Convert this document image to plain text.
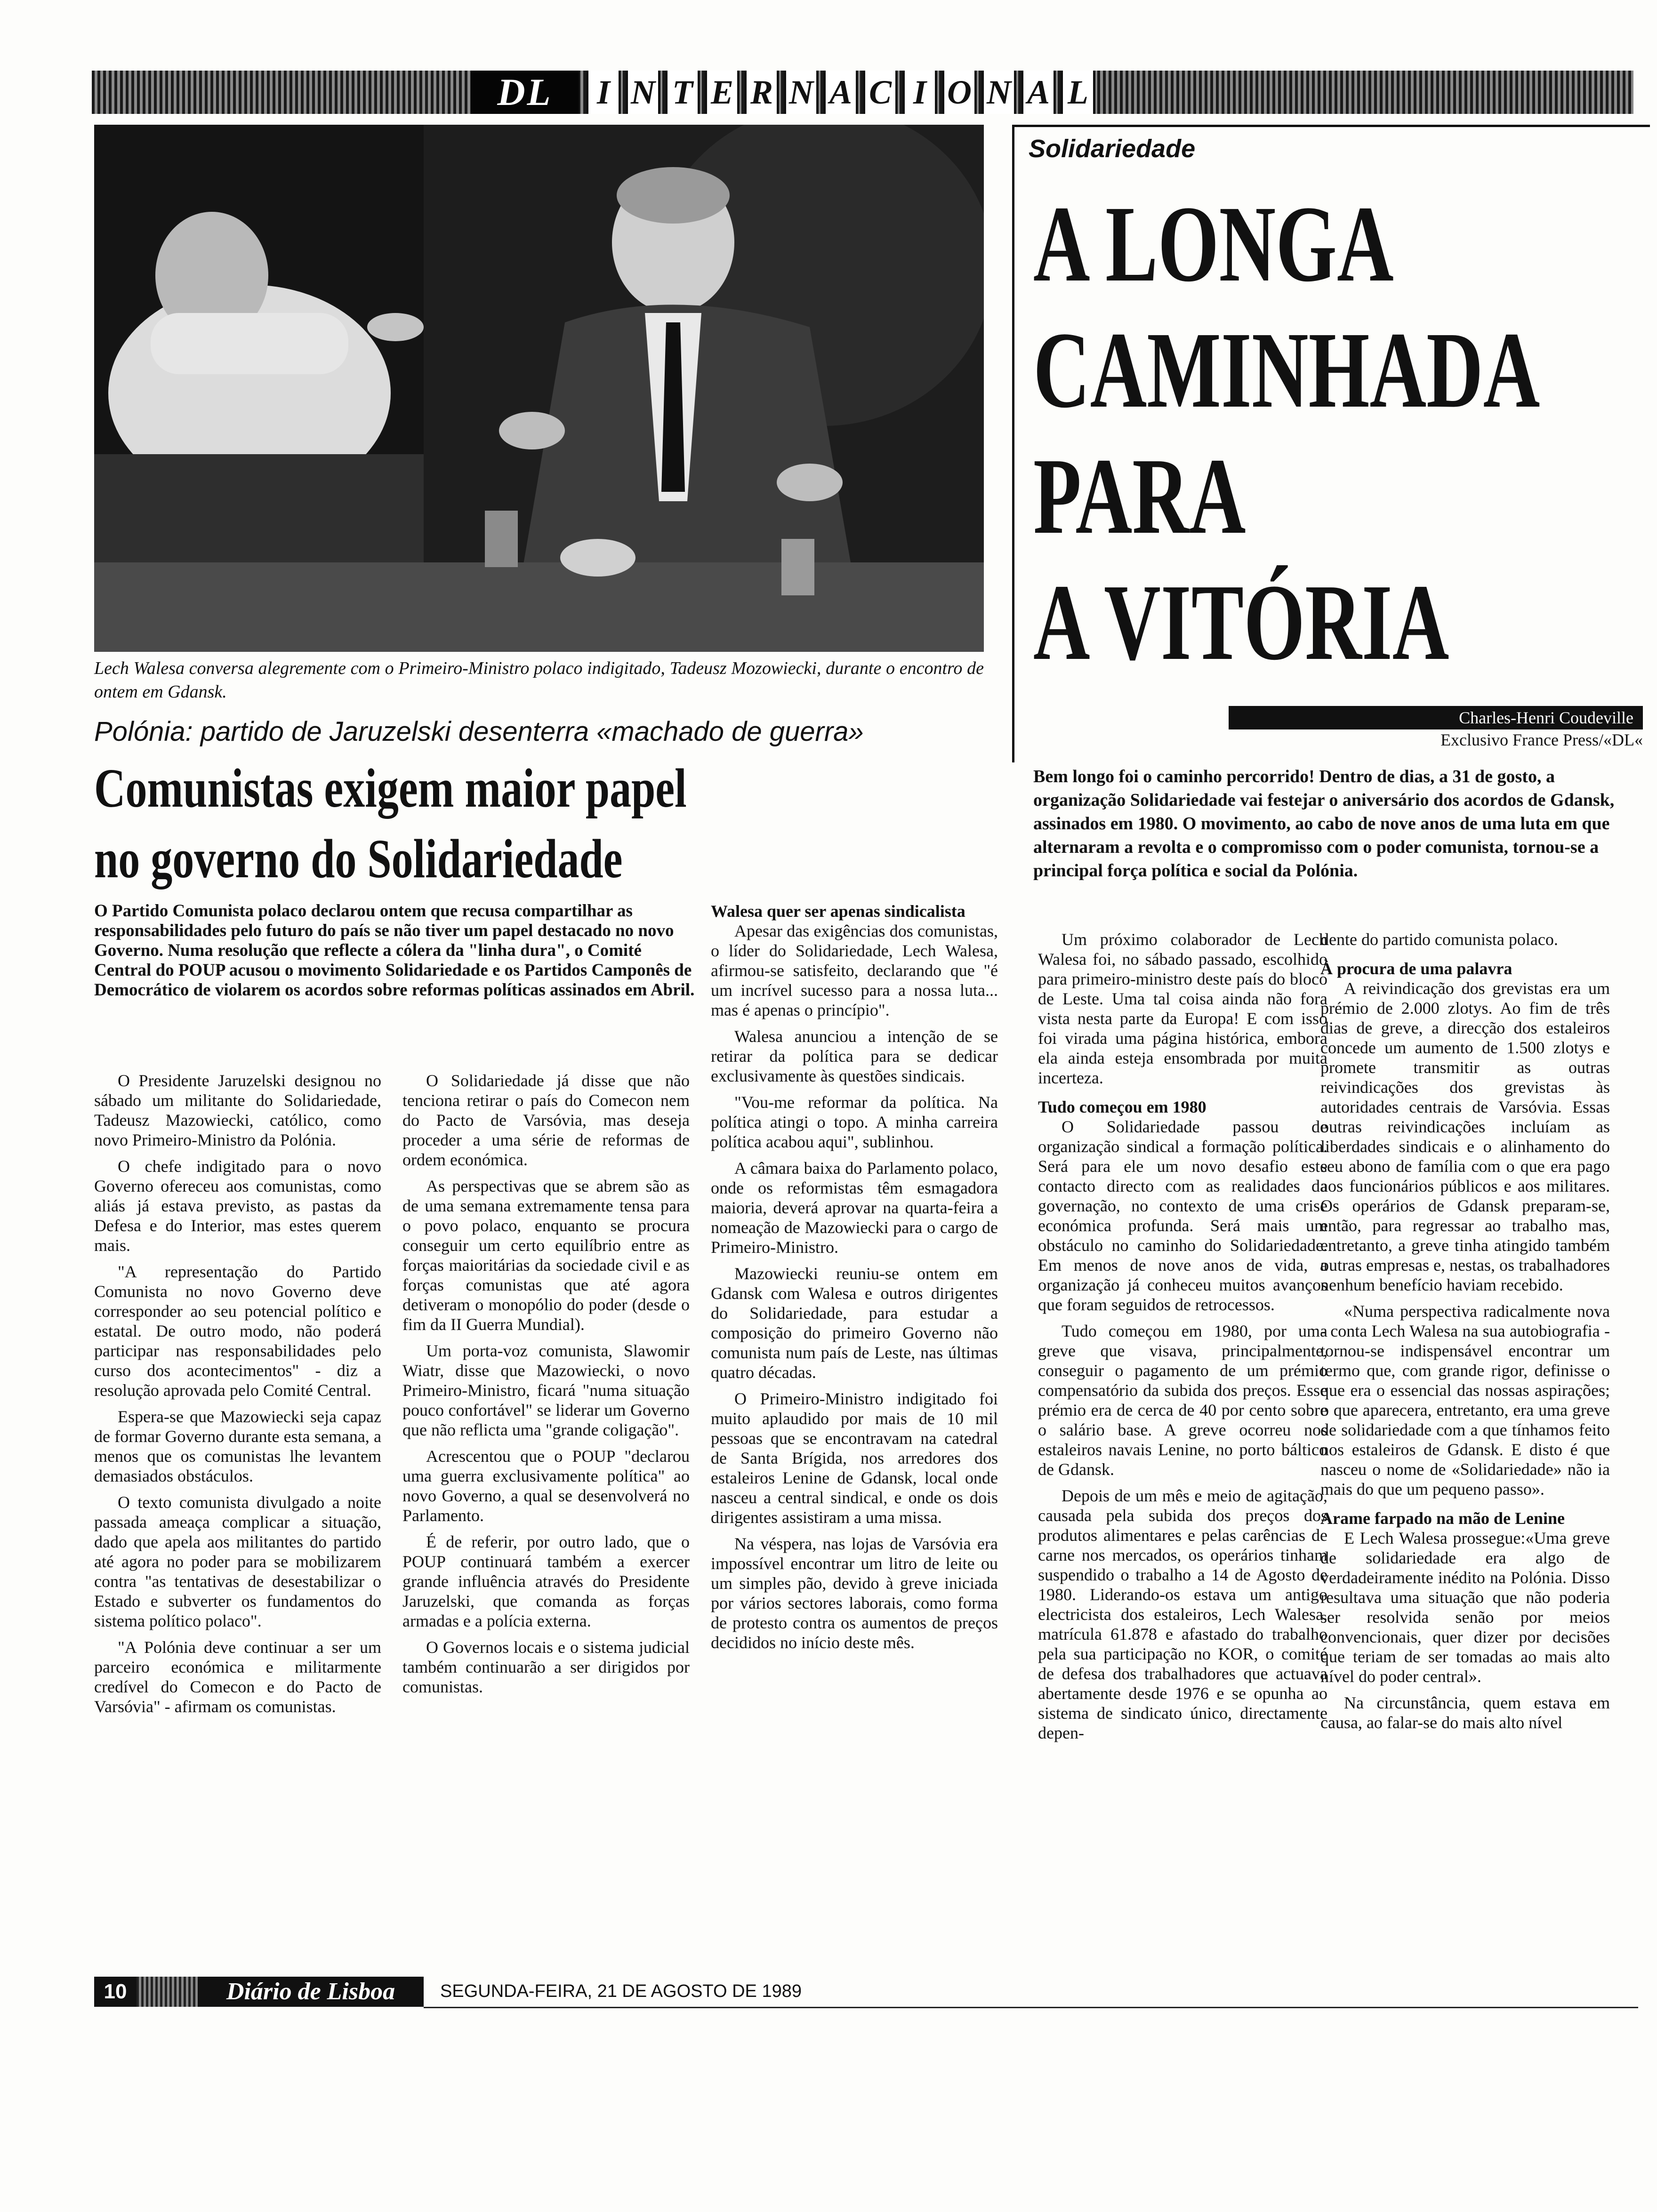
DL	I N T E R N A C I O N A L
Lech Walesa conversa alegremente com o Primeiro-Ministro polaco indigitado, Tadeusz Mozowiecki, durante o encontro de ontem em Gdansk.
Polónia: partido de Jaruzelski desenterra «machado de guerra»
Comunistas exigem maior papel
no governo do Solidariedade
O Partido Comunista polaco declarou ontem que recusa compartilhar as responsabilidades pelo futuro do país se não tiver um papel destacado no novo Governo. Numa resolução que reflecte a cólera da "linha dura", o Comité Central do POUP acusou o movimento Solidariedade e os Partidos Camponês de Democrático de violarem os acordos sobre reformas políticas assinados em Abril.

O Presidente Jaruzelski designou no sábado um militante do Solidariedade, Tadeusz Mazowiecki, católico, como novo Primeiro-Ministro da Polónia.

O chefe indigitado para o novo Governo ofereceu aos comunistas, como aliás já estava previsto, as pastas da Defesa e do Interior, mas estes querem mais.

"A representação do Partido Comunista no novo Governo deve corresponder ao seu potencial político e estatal. De outro modo, não poderá participar nas responsabilidades pelo curso dos acontecimentos" - diz a resolução aprovada pelo Comité Central.

Espera-se que Mazowiecki seja capaz de formar Governo durante esta semana, a menos que os comunistas lhe levantem demasiados obstáculos.

O texto comunista divulgado a noite passada ameaça complicar a situação, dado que apela aos militantes do partido até agora no poder para se mobilizarem contra "as tentativas de desestabilizar o Estado e subverter os fundamentos do sistema político polaco".

"A Polónia deve continuar a ser um parceiro económica e militarmente credível do Comecon e do Pacto de Varsóvia" - afirmam os comunistas.

O Solidariedade já disse que não tenciona retirar o país do Comecon nem do Pacto de Varsóvia, mas deseja proceder a uma série de reformas de ordem económica.

As perspectivas que se abrem são as de uma semana extremamente tensa para o povo polaco, enquanto se procura conseguir um certo equilíbrio entre as forças maioritárias da sociedade civil e as forças comunistas que até agora detiveram o monopólio do poder (desde o fim da II Guerra Mundial).

Um porta-voz comunista, Slawomir Wiatr, disse que Mazowiecki, o novo Primeiro-Ministro, ficará "numa situação pouco confortável" se liderar um Governo que não reflicta uma "grande coligação".

Acrescentou que o POUP "declarou uma guerra exclusivamente política" ao novo Governo, a qual se desenvolverá no Parlamento.

É de referir, por outro lado, que o POUP continuará também a exercer grande influência através do Presidente Jaruzelski, que comanda as forças armadas e a polícia externa.

O Governos locais e o sistema judicial também continuarão a ser dirigidos por comunistas.

Walesa quer ser apenas sindicalista

Apesar das exigências dos comunistas, o líder do Solidariedade, Lech Walesa, afirmou-se satisfeito, declarando que "é um incrível sucesso para a nossa luta... mas é apenas o princípio".

Walesa anunciou a intenção de se retirar da política para se dedicar exclusivamente às questões sindicais.

"Vou-me reformar da política. Na política atingi o topo. A minha carreira política acabou aqui", sublinhou.

A câmara baixa do Parlamento polaco, onde os reformistas têm esmagadora maioria, deverá aprovar na quarta-feira a nomeação de Mazowiecki para o cargo de Primeiro-Ministro.

Mazowiecki reuniu-se ontem em Gdansk com Walesa e outros dirigentes do Solidariedade, para estudar a composição do primeiro Governo não comunista num país de Leste, nas últimas quatro décadas.

O Primeiro-Ministro indigitado foi muito aplaudido por mais de 10 mil pessoas que se encontravam na catedral de Santa Brígida, nos arredores dos estaleiros Lenine de Gdansk, local onde nasceu a central sindical, e onde os dois dirigentes assistiram a uma missa.

Na véspera, nas lojas de Varsóvia era impossível encontrar um litro de leite ou um simples pão, devido à greve iniciada por vários sectores laborais, como forma de protesto contra os aumentos de preços decididos no início deste mês.

Solidariedade
A LONGA
CAMINHADA
PARA
A VITÓRIA
Charles-Henri Coudeville
Exclusivo France Press/«DL«
Bem longo foi o caminho percorrido! Dentro de dias, a 31 de gosto, a organização Solidariedade vai festejar o aniversário dos acordos de Gdansk, assinados em 1980. O movimento, ao cabo de nove anos de uma luta em que alternaram a revolta e o compromisso com o poder comunista, tornou-se a principal força política e social da Polónia.

Um próximo colaborador de Lech Walesa foi, no sábado passado, escolhido para primeiro-ministro deste país do bloco de Leste. Uma tal coisa ainda não fora vista nesta parte da Europa! E com isso foi virada uma página histórica, embora ela ainda esteja ensombrada por muita incerteza.

Tudo começou em 1980

O Solidariedade passou de organização sindical a formação política. Será para ele um novo desafio este contacto directo com as realidades da governação, no contexto de uma crise económica profunda. Será mais um obstáculo no caminho do Solidariedade. Em menos de nove anos de vida, a organização já conheceu muitos avanços que foram seguidos de retrocessos.

Tudo começou em 1980, por uma greve que visava, principalmente, conseguir o pagamento de um prémio compensatório da subida dos preços. Esse prémio era de cerca de 40 por cento sobre o salário base. A greve ocorreu nos estaleiros navais Lenine, no porto báltico de Gdansk.

Depois de um mês e meio de agitação, causada pela subida dos preços dos produtos alimentares e pelas carências de carne nos mercados, os operários tinham suspendido o trabalho a 14 de Agosto de 1980. Liderando-os estava um antigo electricista dos estaleiros, Lech Walesa, matrícula 61.878 e afastado do trabalho pela sua participação no KOR, o comité de defesa dos trabalhadores que actuava abertamente desde 1976 e se opunha ao sistema de sindicato único, directamente depen-

dente do partido comunista polaco.

À procura de uma palavra

A reivindicação dos grevistas era um prémio de 2.000 zlotys. Ao fim de três dias de greve, a direcção dos estaleiros concede um aumento de 1.500 zlotys e promete transmitir as outras reivindicações dos grevistas às autoridades centrais de Varsóvia. Essas outras reivindicações incluíam as liberdades sindicais e o alinhamento do seu abono de família com o que era pago aos funcionários públicos e aos militares. Os operários de Gdansk preparam-se, então, para regressar ao trabalho mas, entretanto, a greve tinha atingido também outras empresas e, nestas, os trabalhadores nenhum benefício haviam recebido.

«Numa perspectiva radicalmente nova - conta Lech Walesa na sua autobiografia - tornou-se indispensável encontrar um termo que, com grande rigor, definisse o que era o essencial das nossas aspirações; o que aparecera, entretanto, era uma greve de solidariedade com a que tínhamos feito nos estaleiros de Gdansk. E disto é que nasceu o nome de «Solidariedade» não ia mais do que um pequeno passo».

Arame farpado na mão de Lenine

E Lech Walesa prossegue:«Uma greve de solidariedade era algo de verdadeiramente inédito na Polónia. Disso resultava uma situação que não poderia ser resolvida senão por meios convencionais, quer dizer por decisões que teriam de ser tomadas ao mais alto nível do poder central».

Na circunstância, quem estava em causa, ao falar-se do mais alto nível

10	Diário de Lisboa	SEGUNDA-FEIRA, 21 DE AGOSTO DE 1989
